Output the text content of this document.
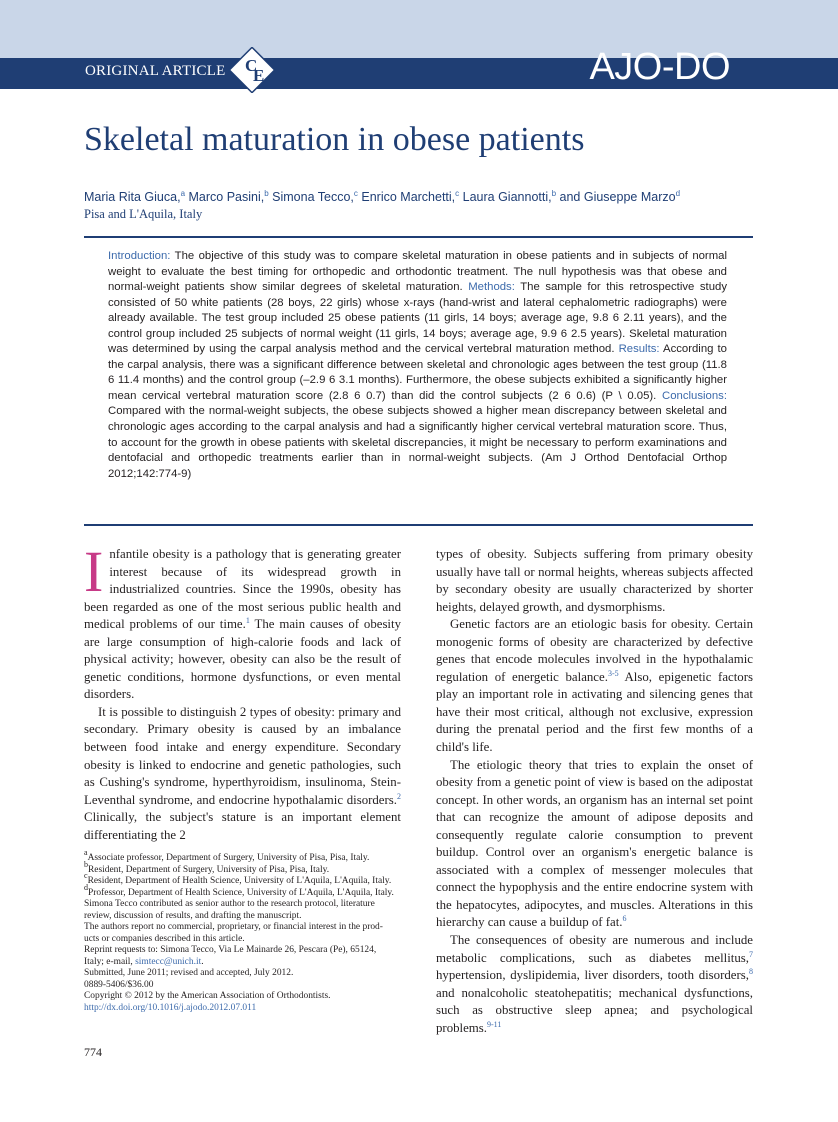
ORIGINAL ARTICLE C
E	AJO-DO
Skeletal maturation in obese patients
Maria Rita Giuca,$^a$ Marco Pasini,$^b$ Simona Tecco,$^c$ Enrico Marchetti,$^c$ Laura Giannotti,$^b$ and Giuseppe Marzo$^d$
Pisa and L'Aquila, Italy
Introduction: The objective of this study was to compare skeletal maturation in obese patients and in subjects of normal weight to evaluate the best timing for orthopedic and orthodontic treatment. The null hypothesis was that obese and normal-weight patients show similar degrees of skeletal maturation. Methods: The sample for this retrospective study consisted of 50 white patients (28 boys, 22 girls) whose x-rays (hand-wrist and lateral cephalometric radiographs) were already available. The test group included 25 obese patients (11 girls, 14 boys; average age, 9.8 6 2.11 years), and the control group included 25 subjects of normal weight (11 girls, 14 boys; average age, 9.9 6 2.5 years). Skeletal maturation was determined by using the carpal analysis method and the cervical vertebral maturation method. Results: According to the carpal analysis, there was a significant difference between skeletal and chronologic ages between the test group (11.8 6 11.4 months) and the control group (–2.9 6 3.1 months). Furthermore, the obese subjects exhibited a significantly higher mean cervical vertebral maturation score (2.8 6 0.7) than did the control subjects (2 6 0.6) (P \ 0.05). Conclusions: Compared with the normal-weight subjects, the obese subjects showed a higher mean discrepancy between skeletal and chronologic ages according to the carpal analysis and had a significantly higher cervical vertebral maturation score. Thus, to account for the growth in obese patients with skeletal discrepancies, it might be necessary to perform examinations and dentofacial and orthopedic treatments earlier than in normal-weight subjects. (Am J Orthod Dentofacial Orthop 2012;142:774-9)

Infantile obesity is a pathology that is generating greater interest because of its widespread growth in industrialized countries. Since the 1990s, obesity has been regarded as one of the most serious public health and medical problems of our time.$^1$ The main causes of obesity are large consumption of high-calorie foods and lack of physical activity; however, obesity can also be the result of genetic conditions, hormone dysfunctions, or even mental disorders.

It is possible to distinguish 2 types of obesity: primary and secondary. Primary obesity is caused by an imbalance between food intake and energy expenditure. Secondary obesity is linked to endocrine and genetic pathologies, such as Cushing's syndrome, hyperthyroidism, insulinoma, Stein-Leventhal syndrome, and endocrine hypothalamic disorders.$^2$ Clinically, the subject's stature is an important element differentiating the 2

types of obesity. Subjects suffering from primary obesity usually have tall or normal heights, whereas subjects affected by secondary obesity are usually characterized by shorter heights, delayed growth, and dysmorphisms.

Genetic factors are an etiologic basis for obesity. Certain monogenic forms of obesity are characterized by defective genes that encode molecules involved in the hypothalamic regulation of energetic balance.$^{3-5}$ Also, epigenetic factors play an important role in activating and silencing genes that have their most critical, although not exclusive, expression during the prenatal period and the first few months of a child's life.

The etiologic theory that tries to explain the onset of obesity from a genetic point of view is based on the adipostat concept. In other words, an organism has an internal set point that can recognize the amount of adipose deposits and consequently regulate calorie consumption to prevent buildup. Control over an organism's energetic balance is associated with a complex of messenger molecules that connect the hypophysis and the entire endocrine system with the hepatocytes, adipocytes, and muscles. Alterations in this hierarchy can cause a buildup of fat.$^6$

The consequences of obesity are numerous and include metabolic complications, such as diabetes mellitus,$^7$ hypertension, dyslipidemia, liver disorders, tooth disorders,$^8$ and nonalcoholic steatohepatitis; mechanical dysfunctions, such as obstructive sleep apnea; and psychological problems.$^{9-11}$

$^a$Associate professor, Department of Surgery, University of Pisa, Pisa, Italy.
$^b$Resident, Department of Surgery, University of Pisa, Pisa, Italy.
$^c$Resident, Department of Health Science, University of L'Aquila, L'Aquila, Italy.
$^d$Professor, Department of Health Science, University of L'Aquila, L'Aquila, Italy.
Simona Tecco contributed as senior author to the research protocol, literature
review, discussion of results, and drafting the manuscript.
The authors report no commercial, proprietary, or financial interest in the prod-
ucts or companies described in this article.
Reprint requests to: Simona Tecco, Via Le Mainarde 26, Pescara (Pe), 65124,
Italy; e-mail, simtecc@unich.it.
Submitted, June 2011; revised and accepted, July 2012.
0889-5406/$36.00
Copyright © 2012 by the American Association of Orthodontists.
http://dx.doi.org/10.1016/j.ajodo.2012.07.011
774
